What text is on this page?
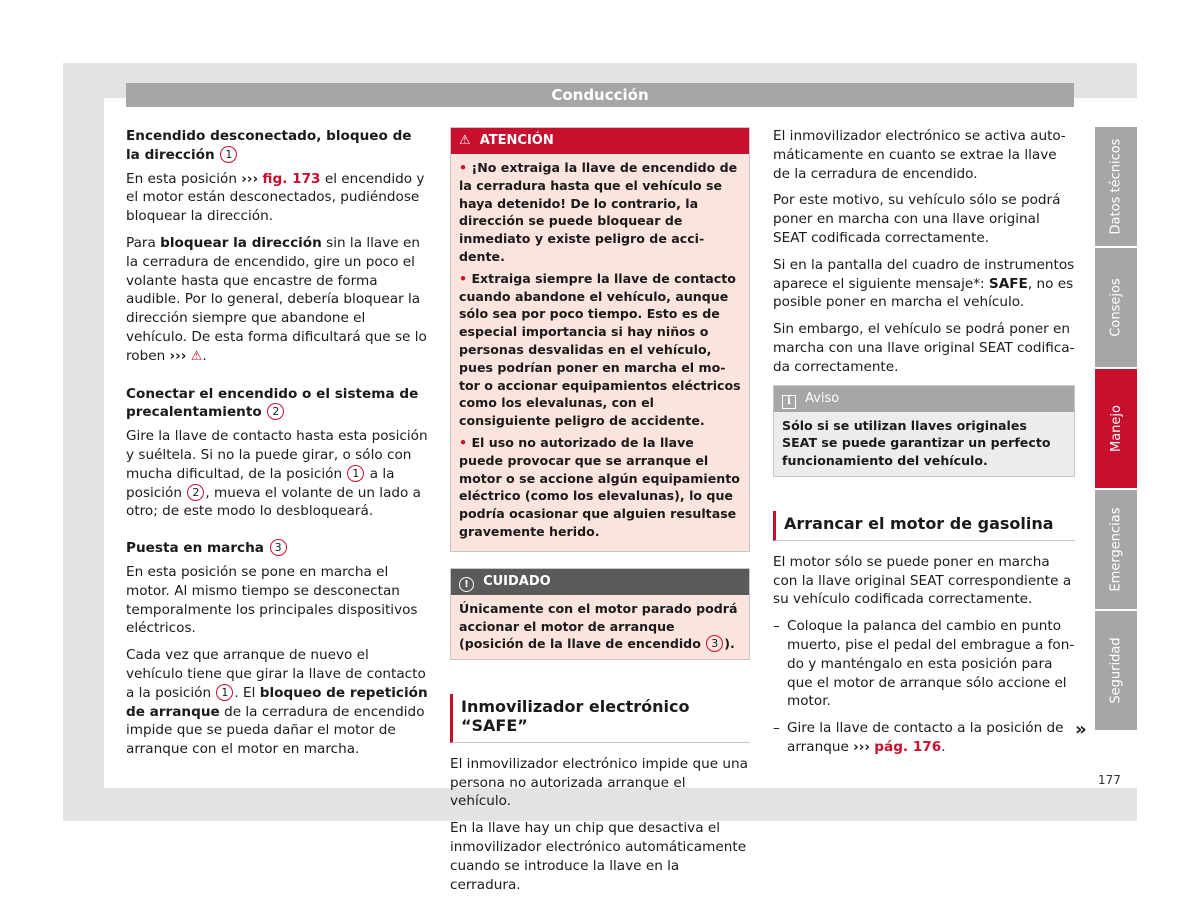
Conducción
Encendido desconectado, bloqueo de la dirección 1

En esta posición ››› fig. 173 el encendido y el motor están desconectados, pudiéndose bloquear la dirección.

Para bloquear la dirección sin la llave en la cerradura de encendido, gire un poco el volante hasta que encastre de forma audible. Por lo general, debería bloquear la dirección siempre que abandone el vehículo. De esta forma dificultará que se lo roben ››› ⚠.

Conectar el encendido o el sistema de precalentamiento 2

Gire la llave de contacto hasta esta posición y suéltela. Si no la puede girar, o sólo con mucha dificultad, de la posición 1 a la posición 2 , mueva el volante de un lado a otro; de este modo lo desbloqueará.

Puesta en marcha 3

En esta posición se pone en marcha el motor. Al mismo tiempo se desconectan temporalmente los principales dispositivos eléctricos.

Cada vez que arranque de nuevo el vehículo tiene que girar la llave de contacto a la posición 1 . El bloqueo de repetición de arranque de la cerradura de encendido impide que se pueda dañar el motor de arranque con el motor en marcha.

⚠ ATENCIÓN

• ¡No extraiga la llave de encendido de la cerradura hasta que el vehículo se haya detenido! De lo contrario, la dirección se puede bloquear de inmediato y existe peligro de accidente.

• Extraiga siempre la llave de contacto cuando abandone el vehículo, aunque sólo sea por poco tiempo. Esto es de especial importancia si hay niños o personas desvalidas en el vehículo, pues podrían poner en marcha el motor o accionar equipamientos eléctricos como los elevalunas, con el consiguiente peligro de accidente.

• El uso no autorizado de la llave puede provocar que se arranque el motor o se accione algún equipamiento eléctrico (como los elevalunas), lo que podría ocasionar que alguien resultase gravemente herido.

! CUIDADO
Únicamente con el motor parado podrá accionar el motor de arranque (posición de la llave de encendido 3 ).
Inmovilizador electrónico “SAFE”

El inmovilizador electrónico impide que una persona no autorizada arranque el vehículo.

En la llave hay un chip que desactiva el inmovilizador electrónico automáticamente cuando se introduce la llave en la cerradura.

El inmovilizador electrónico se activa automáticamente en cuanto se extrae la llave de la cerradura de encendido.

Por este motivo, su vehículo sólo se podrá poner en marcha con una llave original SEAT codificada correctamente.

Si en la pantalla del cuadro de instrumentos aparece el siguiente mensaje*: SAFE, no es posible poner en marcha el vehículo.

Sin embargo, el vehículo se podrá poner en marcha con una llave original SEAT codificada correctamente.

i Aviso
Sólo si se utilizan llaves originales SEAT se puede garantizar un perfecto funcionamiento del vehículo.
Arrancar el motor de gasolina

El motor sólo se puede poner en marcha con la llave original SEAT correspondiente a su vehículo codificada correctamente.

– Coloque la palanca del cambio en punto muerto, pise el pedal del embrague a fondo y manténgalo en esta posición para que el motor de arranque sólo accione el motor.
– Gire la llave de contacto a la posición de arranque ››› pág. 176.
»
Datos técnicos
Consejos
Manejo
Emergencias
Seguridad
177
